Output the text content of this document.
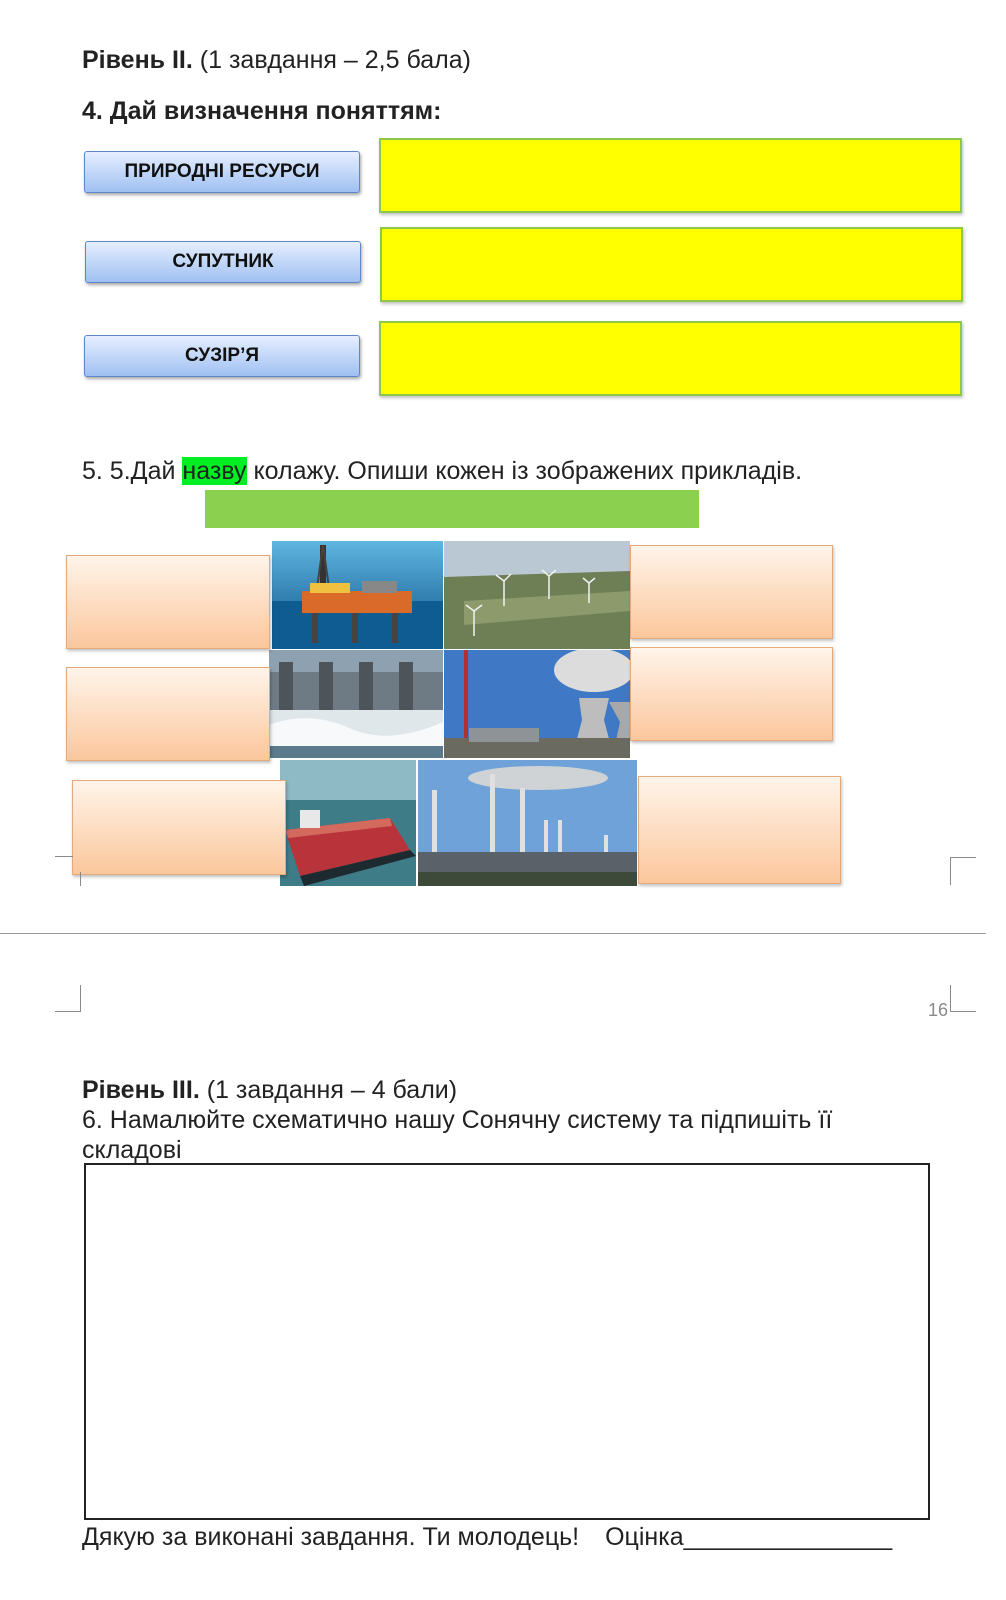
Рівень ІІ. (1 завдання – 2,5 бала)
4. Дай визначення поняттям:
ПРИРОДНІ РЕСУРСИ
СУПУТНИК
СУЗІР’Я
5. 5.Дай назву колажу. Опиши кожен із зображених прикладів.
16
Рівень ІІІ. (1 завдання – 4 бали)
6. Намалюйте схематично нашу Сонячну систему та підпишіть її
складові
Дякую за виконані завдання. Ти молодець! Оцінка_______________
